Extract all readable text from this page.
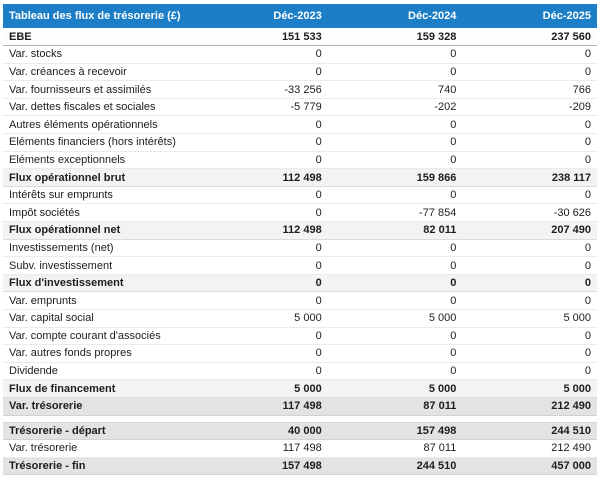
Tableau des flux de trésorerie (£)	Déc-2023	Déc-2024	Déc-2025
EBE	151 533	159 328	237 560
Var. stocks	0	0	0
Var. créances à recevoir	0	0	0
Var. fournisseurs et assimilés	-33 256	740	766
Var. dettes fiscales et sociales	-5 779	-202	-209
Autres éléments opérationnels	0	0	0
Eléments financiers (hors intérêts)	0	0	0
Eléments exceptionnels	0	0	0
Flux opérationnel brut	112 498	159 866	238 117
Intérêts sur emprunts	0	0	0
Impôt sociétés	0	-77 854	-30 626
Flux opérationnel net	112 498	82 011	207 490
Investissements (net)	0	0	0
Subv. investissement	0	0	0
Flux d'investissement	0	0	0
Var. emprunts	0	0	0
Var. capital social	5 000	5 000	5 000
Var. compte courant d'associés	0	0	0
Var. autres fonds propres	0	0	0
Dividende	0	0	0
Flux de financement	5 000	5 000	5 000
Var. trésorerie	117 498	87 011	212 490

Trésorerie - départ	40 000	157 498	244 510
Var. trésorerie	117 498	87 011	212 490
Trésorerie - fin	157 498	244 510	457 000
